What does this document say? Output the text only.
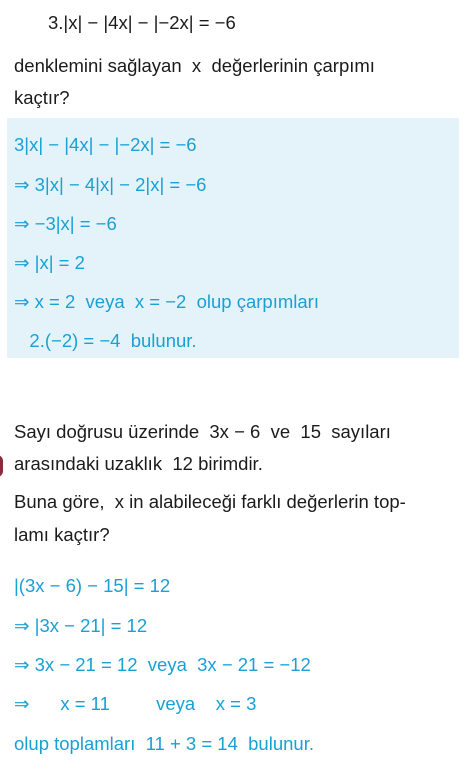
3.|x| − |4x| − |−2x| = −6
denklemini sağlayan  x  değerlerinin çarpımı
kaçtır?
3|x| − |4x| − |−2x| = −6
⇒ 3|x| − 4|x| − 2|x| = −6
⇒ −3|x| = −6
⇒ |x| = 2
⇒ x = 2  veya  x = −2  olup çarpımları
2.(−2) = −4  bulunur.
Sayı doğrusu üzerinde  3x − 6  ve  15  sayıları
arasındaki uzaklık  12 birimdir.
Buna göre,  x in alabileceği farklı değerlerin top-
lamı kaçtır?
|(3x − 6) − 15| = 12
⇒ |3x − 21| = 12
⇒ 3x − 21 = 12  veya  3x − 21 = −12
⇒      x = 11         veya    x = 3
olup toplamları  11 + 3 = 14  bulunur.
